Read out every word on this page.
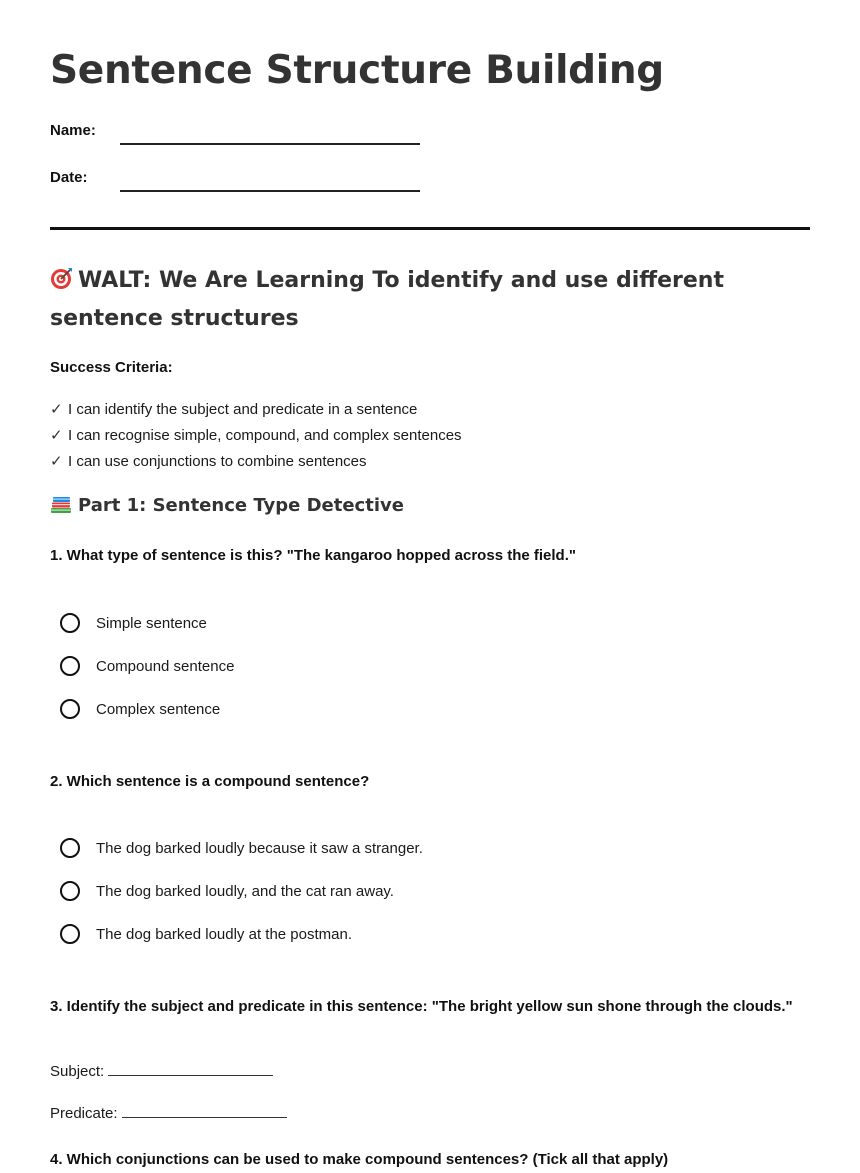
Sentence Structure Building
Name:
Date:
WALT: We Are Learning To identify and use different sentence structures
Success Criteria:
✓ I can identify the subject and predicate in a sentence
✓ I can recognise simple, compound, and complex sentences
✓ I can use conjunctions to combine sentences
Part 1: Sentence Type Detective
1. What type of sentence is this? "The kangaroo hopped across the field."
Simple sentence
Compound sentence
Complex sentence
2. Which sentence is a compound sentence?
The dog barked loudly because it saw a stranger.
The dog barked loudly, and the cat ran away.
The dog barked loudly at the postman.
3. Identify the subject and predicate in this sentence: "The bright yellow sun shone through the clouds."
Subject:
Predicate:
4. Which conjunctions can be used to make compound sentences? (Tick all that apply)
